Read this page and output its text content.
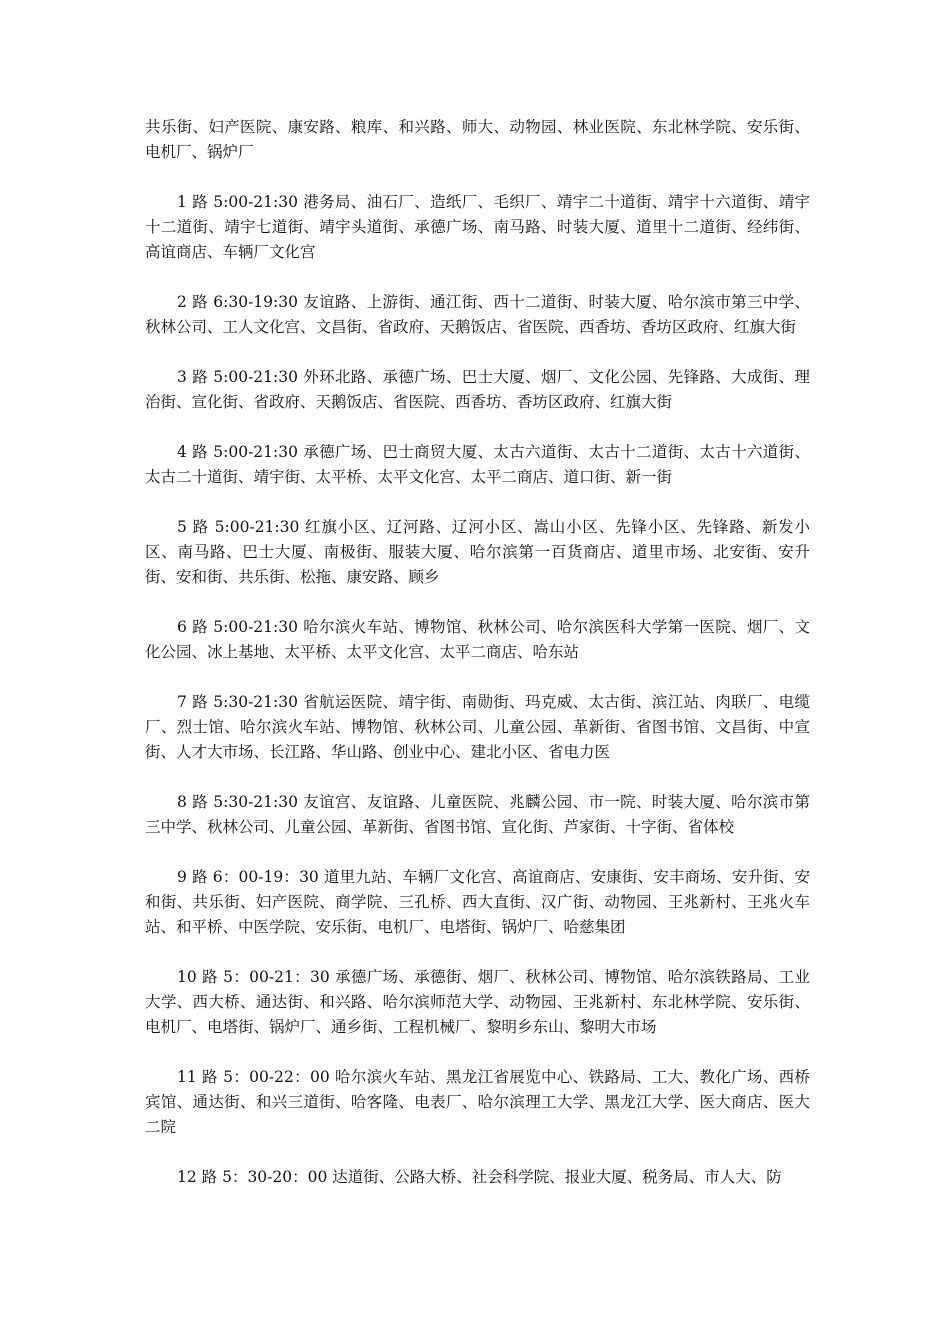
共乐街、妇产医院、康安路、粮库、和兴路、师大、动物园、林业医院、东北林学院、安乐街、电机厂、锅炉厂

1 路 5:00-21:30 港务局、油石厂、造纸厂、毛织厂、靖宇二十道街、靖宇十六道街、靖宇十二道街、靖宇七道街、靖宇头道街、承德广场、南马路、时装大厦、道里十二道街、经纬街、高谊商店、车辆厂文化宫

2 路 6:30-19:30 友谊路、上游街、通江街、西十二道街、时装大厦、哈尔滨市第三中学、秋林公司、工人文化宫、文昌街、省政府、天鹅饭店、省医院、西香坊、香坊区政府、红旗大街

3 路 5:00-21:30 外环北路、承德广场、巴士大厦、烟厂、文化公园、先锋路、大成街、理治街、宣化街、省政府、天鹅饭店、省医院、西香坊、香坊区政府、红旗大街

4 路 5:00-21:30 承德广场、巴士商贸大厦、太古六道街、太古十二道街、太古十六道街、太古二十道街、靖宇街、太平桥、太平文化宫、太平二商店、道口街、新一街

5 路 5:00-21:30 红旗小区、辽河路、辽河小区、嵩山小区、先锋小区、先锋路、新发小区、南马路、巴士大厦、南极街、服装大厦、哈尔滨第一百货商店、道里市场、北安街、安升街、安和街、共乐街、松拖、康安路、顾乡

6 路 5:00-21:30 哈尔滨火车站、博物馆、秋林公司、哈尔滨医科大学第一医院、烟厂、文化公园、冰上基地、太平桥、太平文化宫、太平二商店、哈东站

7 路 5:30-21:30 省航运医院、靖宇街、南勋街、玛克威、太古街、滨江站、肉联厂、电缆厂、烈士馆、哈尔滨火车站、博物馆、秋林公司、儿童公园、革新街、省图书馆、文昌街、中宣街、人才大市场、长江路、华山路、创业中心、建北小区、省电力医

8 路 5:30-21:30 友谊宫、友谊路、儿童医院、兆麟公园、市一院、时装大厦、哈尔滨市第三中学、秋林公司、儿童公园、革新街、省图书馆、宣化街、芦家街、十字街、省体校

9 路 6：00-19：30 道里九站、车辆厂文化宫、高谊商店、安康街、安丰商场、安升街、安和街、共乐街、妇产医院、商学院、三孔桥、西大直街、汉广街、动物园、王兆新村、王兆火车站、和平桥、中医学院、安乐街、电机厂、电塔街、锅炉厂、哈慈集团

10 路 5：00-21：30 承德广场、承德街、烟厂、秋林公司、博物馆、哈尔滨铁路局、工业大学、西大桥、通达街、和兴路、哈尔滨师范大学、动物园、王兆新村、东北林学院、安乐街、电机厂、电塔街、锅炉厂、通乡街、工程机械厂、黎明乡东山、黎明大市场

11 路 5：00-22：00 哈尔滨火车站、黑龙江省展览中心、铁路局、工大、教化广场、西桥宾馆、通达街、和兴三道街、哈客隆、电表厂、哈尔滨理工大学、黑龙江大学、医大商店、医大二院

12 路 5：30-20：00 达道街、公路大桥、社会科学院、报业大厦、税务局、市人大、防
